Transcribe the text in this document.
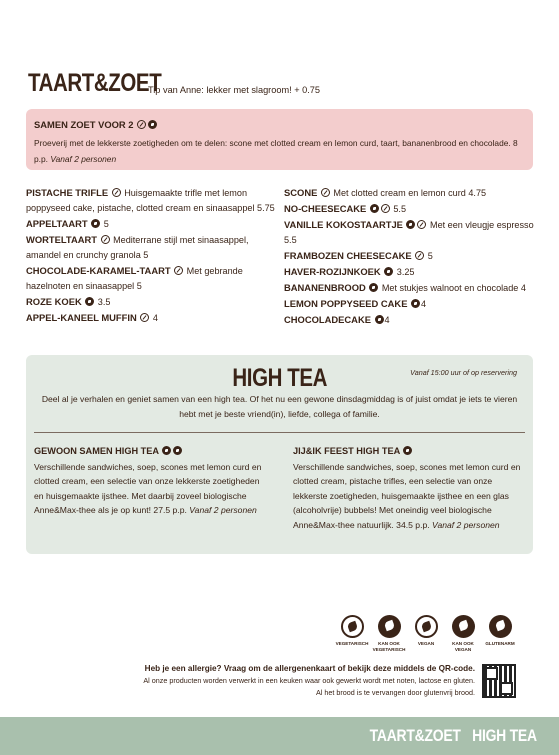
TAART&ZOET
Tip van Anne: lekker met slagroom! + 0.75
SAMEN ZOET VOOR 2
Proeverij met de lekkerste zoetigheden om te delen: scone met clotted cream en lemon curd, taart, bananenbrood en chocolade. 8 p.p. Vanaf 2 personen
PISTACHE TRIFLE Huisgemaakte trifle met lemon poppyseed cake, pistache, clotted cream en sinaasappel 5.75
APPELTAART 5
WORTELTAART Mediterrane stijl met sinaasappel, amandel en crunchy granola 5
CHOCOLADE-KARAMEL-TAART Met gebrande hazelnoten en sinaasappel 5
ROZE KOEK 3.5
APPEL-KANEEL MUFFIN 4
SCONE Met clotted cream en lemon curd 4.75
NO-CHEESECAKE	5.5
VANILLE KOKOSTAARTJE	Met een vleugje espresso 5.5
FRAMBOZEN CHEESECAKE 5
HAVER-ROZIJNKOEK 3.25
BANANENBROOD Met stukjes walnoot en chocolade 4
LEMON POPPYSEED CAKE 4
CHOCOLADECAKE 4
HIGH TEA	Vanaf 15:00 uur of op reservering
Deel al je verhalen en geniet samen van een high tea. Of het nu een gewone dinsdagmiddag is of juist omdat je iets te vieren hebt met je beste vriend(in), liefde, collega of familie.
GEWOON SAMEN HIGH TEA
Verschillende sandwiches, soep, scones met lemon curd en clotted cream, een selectie van onze lekkerste zoetigheden en huisgemaakte ijsthee. Met daarbij zoveel biologische Anne&Max-thee als je op kunt! 27.5 p.p. Vanaf 2 personen
JIJ&IK FEEST HIGH TEA
Verschillende sandwiches, soep, scones met lemon curd en clotted cream, pistache trifles, een selectie van onze lekkerste zoetigheden, huisgemaakte ijsthee en een glas (alcoholvrije) bubbels! Met oneindig veel biologische Anne&Max-thee natuurlijk. 34.5 p.p. Vanaf 2 personen
VEGETARISCH	KAN OOK VEGETARISCH
VEGAN	KAN OOK VEGAN
GLUTENARM
Heb je een allergie? Vraag om de allergenenkaart of bekijk deze middels de QR-code.
Al onze producten worden verwerkt in een keuken waar ook gewerkt wordt met noten, lactose en gluten.
Al het brood is te vervangen door glutenvrij brood.
TAART&ZOET HIGH TEA
